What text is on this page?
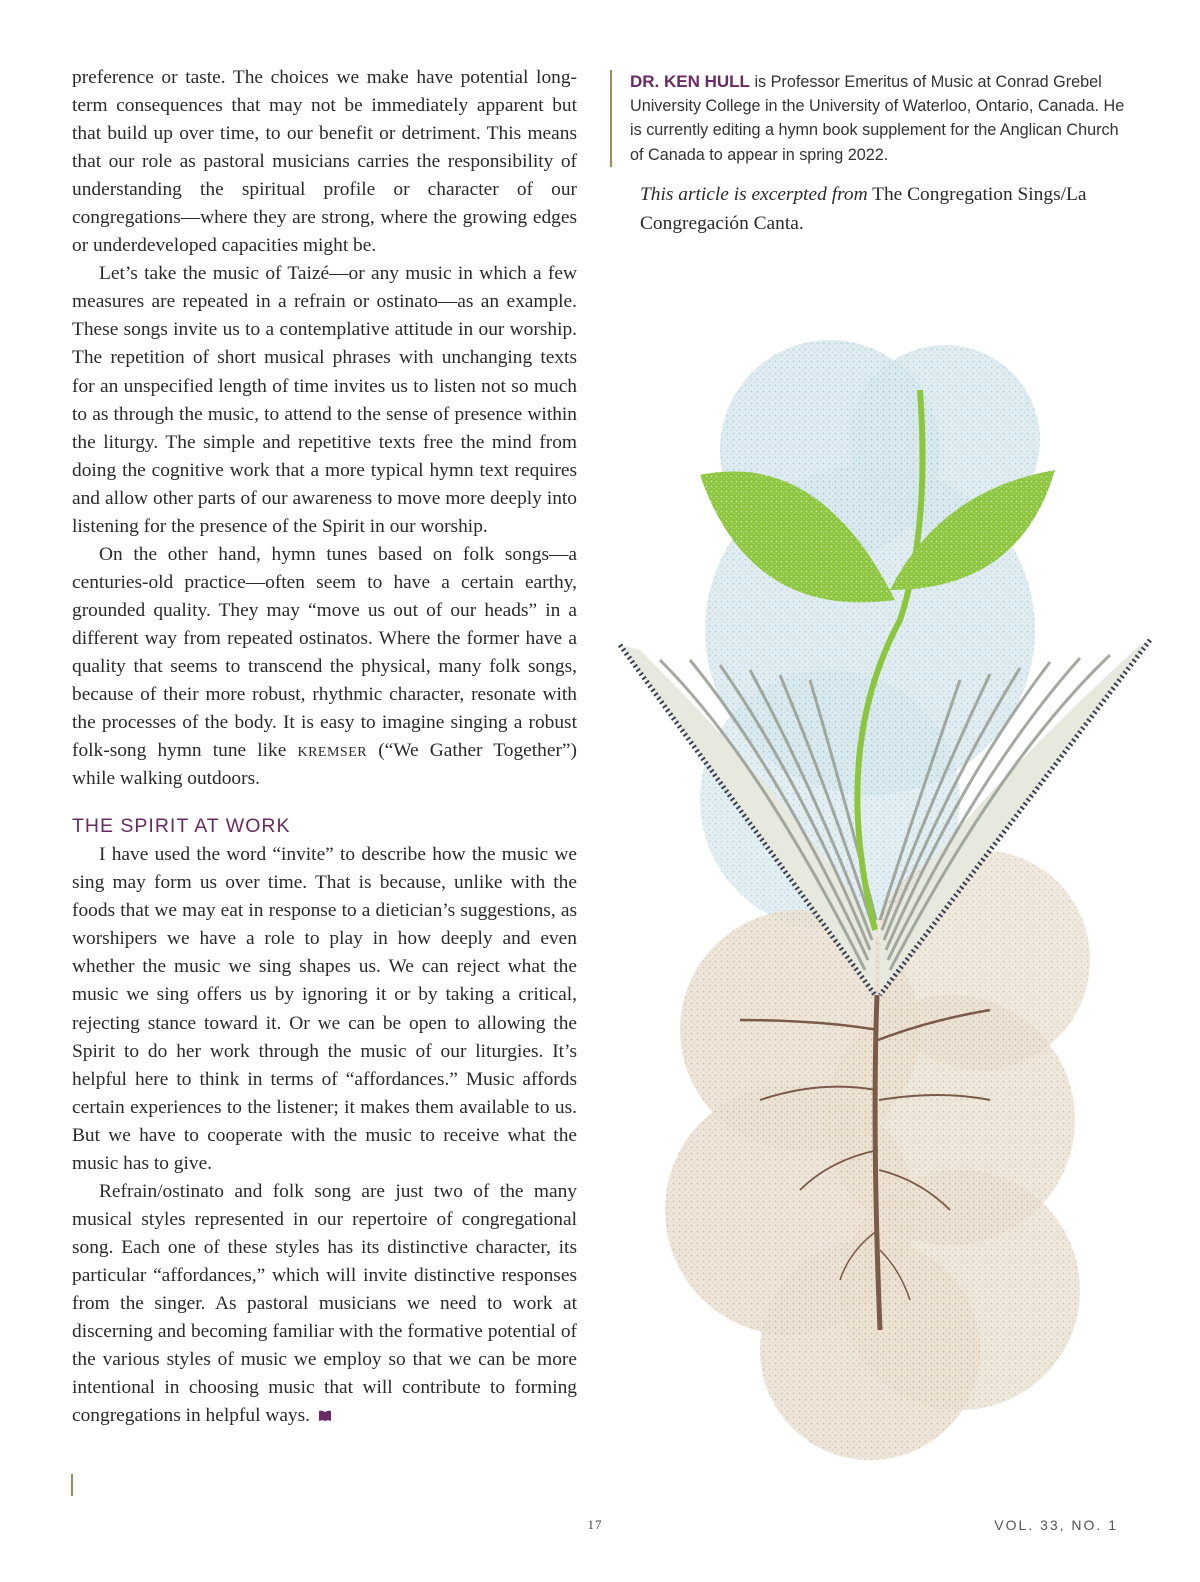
preference or taste. The choices we make have potential long-term consequences that may not be immediately apparent but that build up over time, to our benefit or detriment. This means that our role as pastoral musicians carries the responsibility of understanding the spiritual profile or character of our congregations—where they are strong, where the growing edges or underdeveloped capacities might be.

Let’s take the music of Taizé—or any music in which a few measures are repeated in a refrain or ostinato—as an example. These songs invite us to a contemplative attitude in our worship. The repetition of short musical phrases with unchanging texts for an unspecified length of time invites us to listen not so much to as through the music, to attend to the sense of presence within the liturgy. The simple and repetitive texts free the mind from doing the cognitive work that a more typical hymn text requires and allow other parts of our awareness to move more deeply into listening for the presence of the Spirit in our worship.

On the other hand, hymn tunes based on folk songs—a centuries-old practice—often seem to have a certain earthy, grounded quality. They may “move us out of our heads” in a different way from repeated ostinatos. Where the former have a quality that seems to transcend the physical, many folk songs, because of their more robust, rhythmic character, resonate with the processes of the body. It is easy to imagine singing a robust folk-song hymn tune like kremser (“We Gather Together”) while walking outdoors.

THE SPIRIT AT WORK

I have used the word “invite” to describe how the music we sing may form us over time. That is because, unlike with the foods that we may eat in response to a dietician’s suggestions, as worshipers we have a role to play in how deeply and even whether the music we sing shapes us. We can reject what the music we sing offers us by ignoring it or by taking a critical, rejecting stance toward it. Or we can be open to allowing the Spirit to do her work through the music of our liturgies. It’s helpful here to think in terms of “affordances.” Music affords certain experiences to the listener; it makes them available to us. But we have to cooperate with the music to receive what the music has to give.

Refrain/ostinato and folk song are just two of the many musical styles represented in our repertoire of congregational song. Each one of these styles has its distinctive character, its particular “affordances,” which will invite distinctive responses from the singer. As pastoral musicians we need to work at discerning and becoming familiar with the formative potential of the various styles of music we employ so that we can be more intentional in choosing music that will contribute to forming congregations in helpful ways.

DR. KEN HULL is Professor Emeritus of Music at Conrad Grebel University College in the University of Waterloo, Ontario, Canada. He is currently editing a hymn book supplement for the Anglican Church of Canada to appear in spring 2022.
This article is excerpted from The Congregation Sings/La Congregación Canta.
17	VOL. 33, NO. 1
